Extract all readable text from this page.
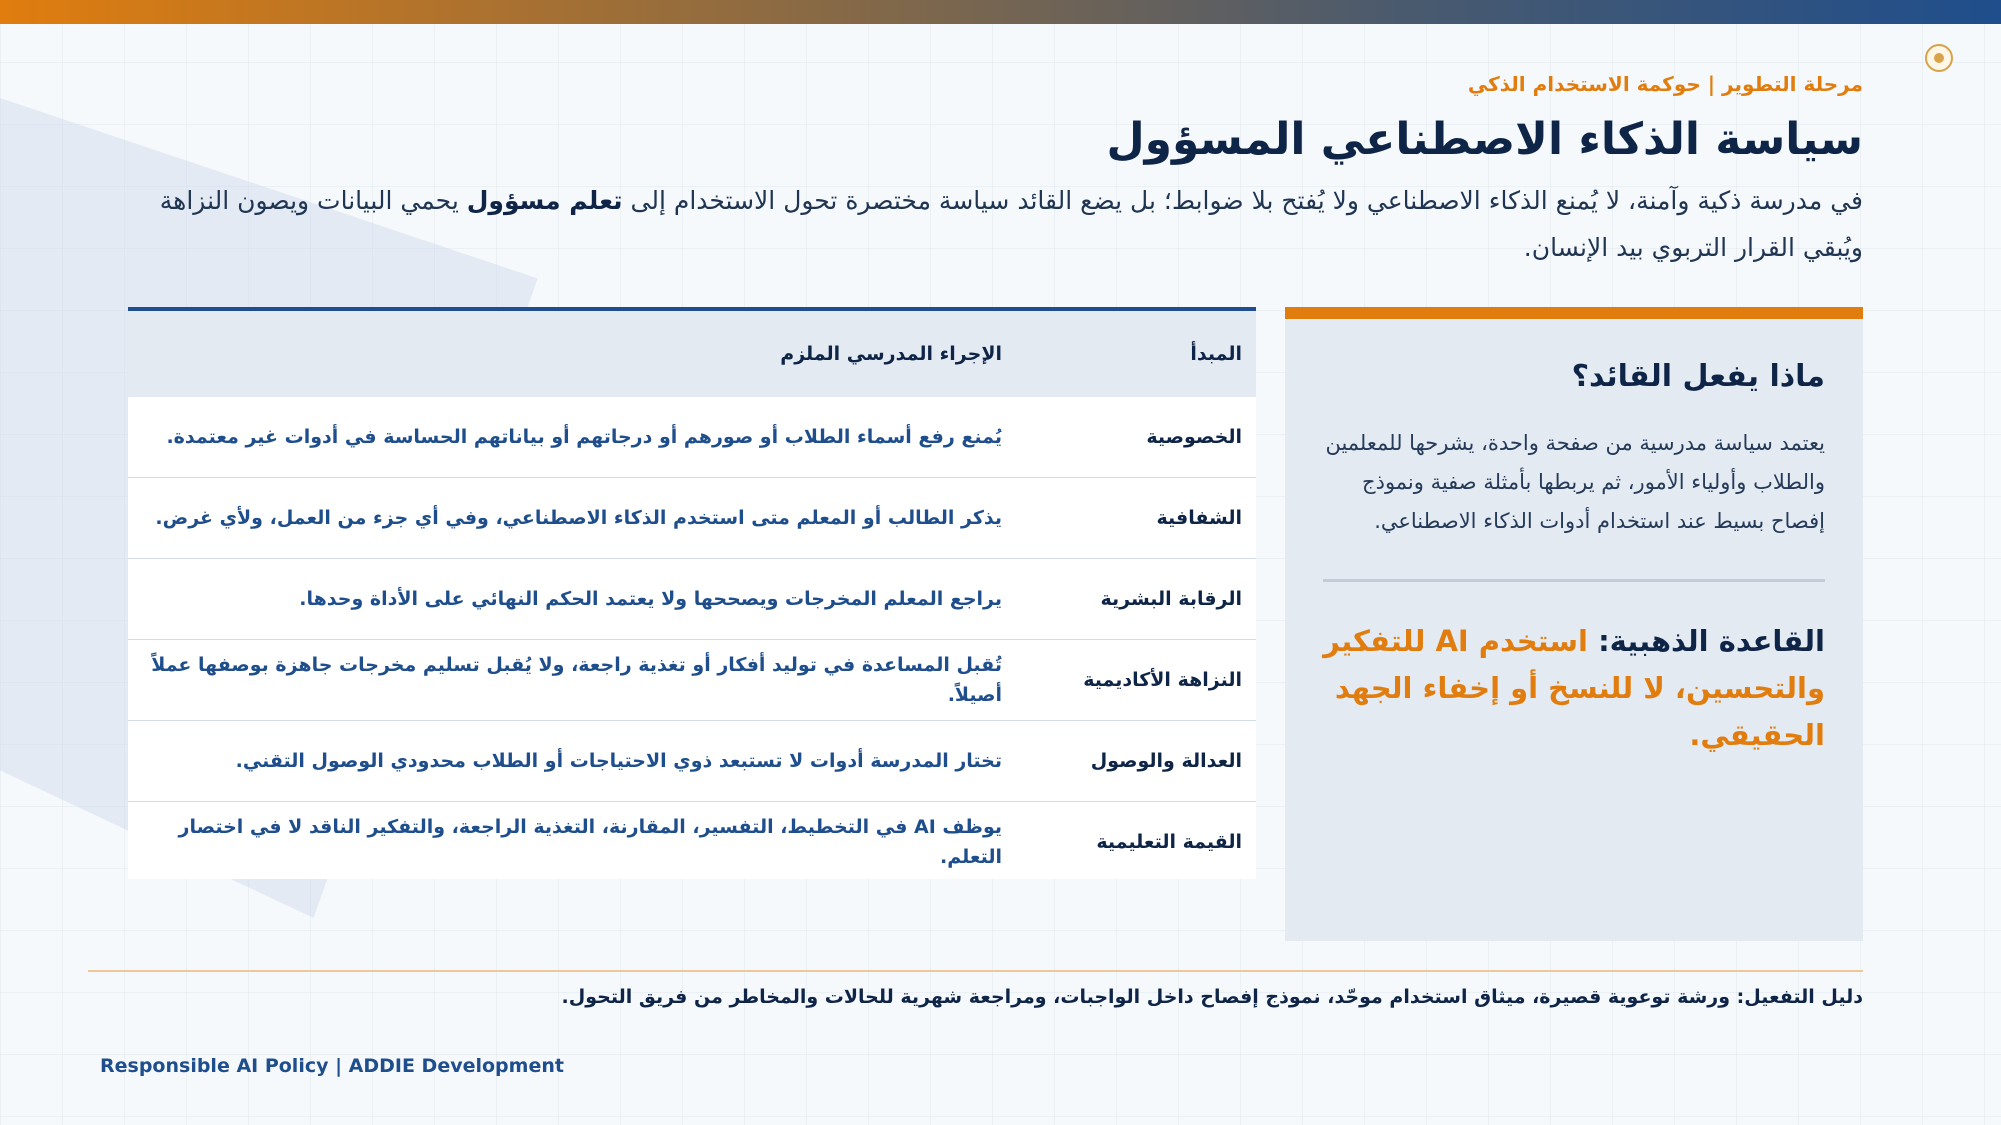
مرحلة التطوير | حوكمة الاستخدام الذكي
سياسة الذكاء الاصطناعي المسؤول
في مدرسة ذكية وآمنة، لا يُمنع الذكاء الاصطناعي ولا يُفتح بلا ضوابط؛ بل يضع القائد سياسة مختصرة تحول الاستخدام إلى تعلم مسؤول يحمي البيانات ويصون النزاهة ويُبقي القرار التربوي بيد الإنسان.
المبدأ	الإجراء المدرسي الملزم
الخصوصية	يُمنع رفع أسماء الطلاب أو صورهم أو درجاتهم أو بياناتهم الحساسة في أدوات غير معتمدة.
الشفافية	يذكر الطالب أو المعلم متى استخدم الذكاء الاصطناعي، وفي أي جزء من العمل، ولأي غرض.
الرقابة البشرية	يراجع المعلم المخرجات ويصححها ولا يعتمد الحكم النهائي على الأداة وحدها.
النزاهة الأكاديمية	تُقبل المساعدة في توليد أفكار أو تغذية راجعة، ولا يُقبل تسليم مخرجات جاهزة بوصفها عملاً أصيلاً.
العدالة والوصول	تختار المدرسة أدوات لا تستبعد ذوي الاحتياجات أو الطلاب محدودي الوصول التقني.
القيمة التعليمية	يوظف AI في التخطيط، التفسير، المقارنة، التغذية الراجعة، والتفكير الناقد لا في اختصار التعلم.
ماذا يفعل القائد؟
يعتمد سياسة مدرسية من صفحة واحدة، يشرحها للمعلمين والطلاب وأولياء الأمور، ثم يربطها بأمثلة صفية ونموذج إفصاح بسيط عند استخدام أدوات الذكاء الاصطناعي.
القاعدة الذهبية: استخدم AI للتفكير والتحسين، لا للنسخ أو إخفاء الجهد الحقيقي.
دليل التفعيل: ورشة توعوية قصيرة، ميثاق استخدام موحّد، نموذج إفصاح داخل الواجبات، ومراجعة شهرية للحالات والمخاطر من فريق التحول.
Responsible AI Policy | ADDIE Development
